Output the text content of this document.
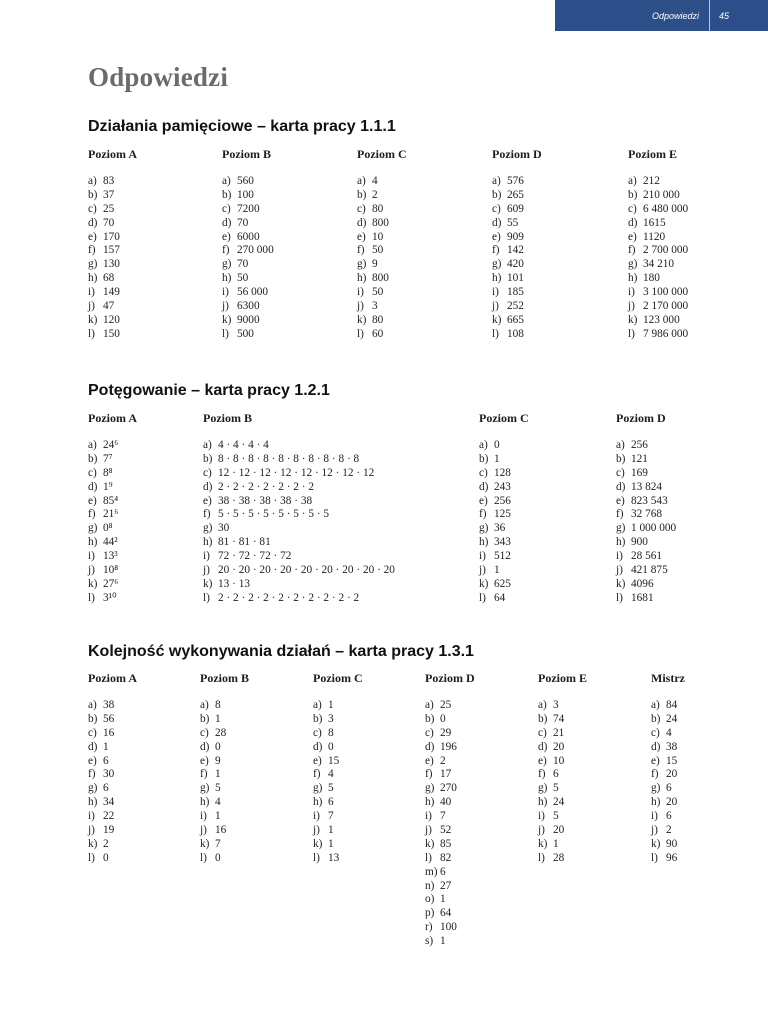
Odpowiedzi 45
Odpowiedzi
Działania pamięciowe – karta pracy 1.1.1
Poziom A
a) 83
b) 37
c) 25
d) 70
e) 170
f) 157
g) 130
h) 68
i) 149
j) 47
k) 120
l) 150
Poziom B
a) 560
b) 100
c) 7200
d) 70
e) 6000
f) 270 000
g) 70
h) 50
i) 56 000
j) 6300
k) 9000
l) 500
Poziom C
a) 4
b) 2
c) 80
d) 800
e) 10
f) 50
g) 9
h) 800
i) 50
j) 3
k) 80
l) 60
Poziom D
a) 576
b) 265
c) 609
d) 55
e) 909
f) 142
g) 420
h) 101
i) 185
j) 252
k) 665
l) 108
Poziom E
a) 212
b) 210 000
c) 6 480 000
d) 1615
e) 1120
f) 2 700 000
g) 34 210
h) 180
i) 3 100 000
j) 2 170 000
k) 123 000
l) 7 986 000
Potęgowanie – karta pracy 1.2.1
Poziom A
a) 24⁶
b) 7⁷
c) 8⁸
d) 1⁹
e) 85⁴
f) 21⁶
g) 0⁸
h) 44²
i) 13³
j) 10⁸
k) 27⁶
l) 3¹⁰
Poziom B
a) 4 · 4 · 4 · 4
b) 8 · 8 · 8 · 8 · 8 · 8 · 8 · 8 · 8 · 8
c) 12 · 12 · 12 · 12 · 12 · 12 · 12 · 12
d) 2 · 2 · 2 · 2 · 2 · 2 · 2
e) 38 · 38 · 38 · 38 · 38
f) 5 · 5 · 5 · 5 · 5 · 5 · 5 · 5
g) 30
h) 81 · 81 · 81
i) 72 · 72 · 72 · 72
j) 20 · 20 · 20 · 20 · 20 · 20 · 20 · 20 · 20
k) 13 · 13
l) 2 · 2 · 2 · 2 · 2 · 2 · 2 · 2 · 2 · 2
Poziom C
a) 0
b) 1
c) 128
d) 243
e) 256
f) 125
g) 36
h) 343
i) 512
j) 1
k) 625
l) 64
Poziom D
a) 256
b) 121
c) 169
d) 13 824
e) 823 543
f) 32 768
g) 1 000 000
h) 900
i) 28 561
j) 421 875
k) 4096
l) 1681
Kolejność wykonywania działań – karta pracy 1.3.1
Poziom A
a) 38
b) 56
c) 16
d) 1
e) 6
f) 30
g) 6
h) 34
i) 22
j) 19
k) 2
l) 0
Poziom B
a) 8
b) 1
c) 28
d) 0
e) 9
f) 1
g) 5
h) 4
i) 1
j) 16
k) 7
l) 0
Poziom C
a) 1
b) 3
c) 8
d) 0
e) 15
f) 4
g) 5
h) 6
i) 7
j) 1
k) 1
l) 13
Poziom D
a) 25
b) 0
c) 29
d) 196
e) 2
f) 17
g) 270
h) 40
i) 7
j) 52
k) 85
l) 82
m) 6
n) 27
o) 1
p) 64
r) 100
s) 1
Poziom E
a) 3
b) 74
c) 21
d) 20
e) 10
f) 6
g) 5
h) 24
i) 5
j) 20
k) 1
l) 28
Mistrz
a) 84
b) 24
c) 4
d) 38
e) 15
f) 20
g) 6
h) 20
i) 6
j) 2
k) 90
l) 96
